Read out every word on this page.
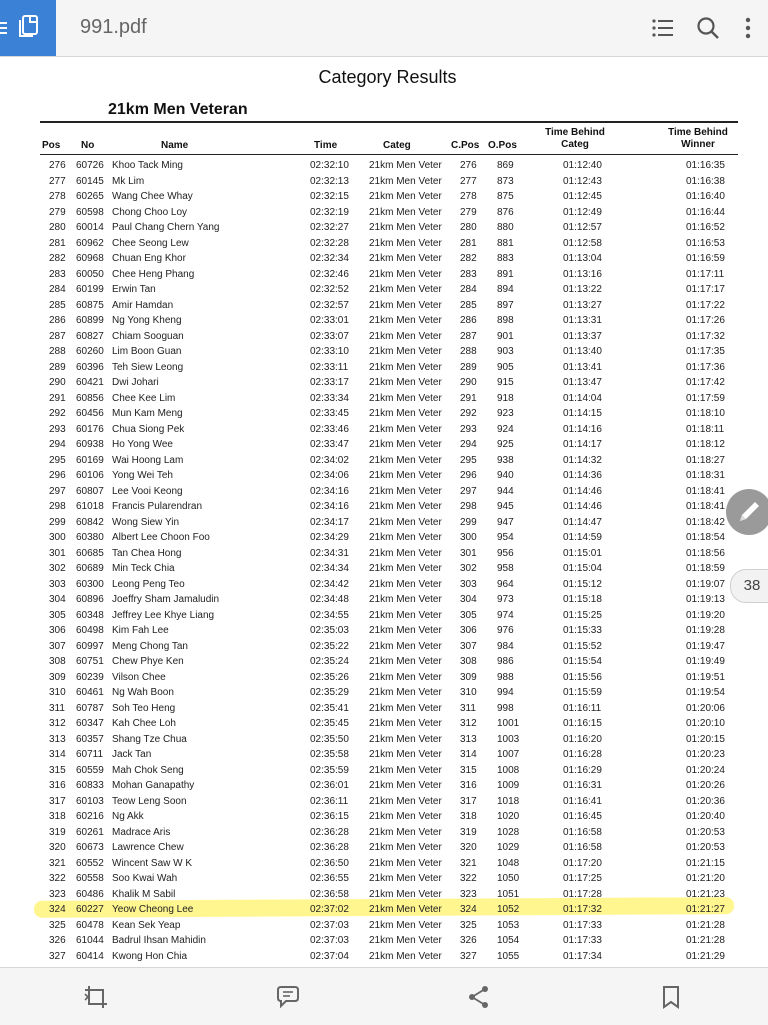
991.pdf
Category Results
21km Men Veteran
Pos No	Name	Time	Categ	C.Pos O.Pos
Time Behind
Categ
Time Behind
Winner
276	60726 Khoo Tack Ming	02:32:10 21km Men Veter 276 869	01:12:40	01:16:35
277	60145 Mk Lim	02:32:13 21km Men Veter 277 873	01:12:43	01:16:38
278	60265 Wang Chee Whay	02:32:15 21km Men Veter 278 875	01:12:45	01:16:40
279	60598 Chong Choo Loy	02:32:19 21km Men Veter 279 876	01:12:49	01:16:44
280	60014 Paul Chang Chern Yang	02:32:27 21km Men Veter 280 880	01:12:57	01:16:52
281	60962 Chee Seong Lew	02:32:28 21km Men Veter 281 881	01:12:58	01:16:53
282	60968 Chuan Eng Khor	02:32:34 21km Men Veter 282 883	01:13:04	01:16:59
283	60050 Chee Heng Phang	02:32:46 21km Men Veter 283 891	01:13:16	01:17:11
284	60199 Erwin Tan	02:32:52 21km Men Veter 284 894	01:13:22	01:17:17
285	60875 Amir Hamdan	02:32:57 21km Men Veter 285 897	01:13:27	01:17:22
286	60899 Ng Yong Kheng	02:33:01 21km Men Veter 286 898	01:13:31	01:17:26
287	60827 Chiam Sooguan	02:33:07 21km Men Veter 287 901	01:13:37	01:17:32
288	60260 Lim Boon Guan	02:33:10 21km Men Veter 288 903	01:13:40	01:17:35
289	60396 Teh Siew Leong	02:33:11 21km Men Veter 289 905	01:13:41	01:17:36
290	60421 Dwi Johari	02:33:17 21km Men Veter 290 915	01:13:47	01:17:42
291	60856 Chee Kee Lim	02:33:34 21km Men Veter 291 918	01:14:04	01:17:59
292	60456 Mun Kam Meng	02:33:45 21km Men Veter 292 923	01:14:15	01:18:10
293	60176 Chua Siong Pek	02:33:46 21km Men Veter 293 924	01:14:16	01:18:11
294	60938 Ho Yong Wee	02:33:47 21km Men Veter 294 925	01:14:17	01:18:12
295	60169 Wai Hoong Lam	02:34:02 21km Men Veter 295 938	01:14:32	01:18:27
296	60106 Yong Wei Teh	02:34:06 21km Men Veter 296 940	01:14:36	01:18:31
297	60807 Lee Vooi Keong	02:34:16 21km Men Veter 297 944	01:14:46	01:18:41
298	61018 Francis Pularendran	02:34:16 21km Men Veter 298 945	01:14:46	01:18:41
299	60842 Wong Siew Yin	02:34:17 21km Men Veter 299 947	01:14:47	01:18:42
300	60380 Albert Lee Choon Foo	02:34:29 21km Men Veter 300 954	01:14:59	01:18:54
301	60685 Tan Chea Hong	02:34:31 21km Men Veter 301 956	01:15:01	01:18:56
302	60689 Min Teck Chia	02:34:34 21km Men Veter 302 958	01:15:04	01:18:59
303	60300 Leong Peng Teo	02:34:42 21km Men Veter 303 964	01:15:12	01:19:07
304	60896 Joeffry Sham Jamaludin	02:34:48 21km Men Veter 304 973	01:15:18	01:19:13
305	60348 Jeffrey Lee Khye Liang	02:34:55 21km Men Veter 305 974	01:15:25	01:19:20
306	60498 Kim Fah Lee	02:35:03 21km Men Veter 306 976	01:15:33	01:19:28
307	60997 Meng Chong Tan	02:35:22 21km Men Veter 307 984	01:15:52	01:19:47
308	60751 Chew Phye Ken	02:35:24 21km Men Veter 308 986	01:15:54	01:19:49
309	60239 Vilson Chee	02:35:26 21km Men Veter 309 988	01:15:56	01:19:51
310	60461 Ng Wah Boon	02:35:29 21km Men Veter 310 994	01:15:59	01:19:54
311	60787 Soh Teo Heng	02:35:41 21km Men Veter 311 998	01:16:11	01:20:06
312	60347 Kah Chee Loh	02:35:45 21km Men Veter 312 1001	01:16:15	01:20:10
313	60357 Shang Tze Chua	02:35:50 21km Men Veter 313 1003	01:16:20	01:20:15
314	60711 Jack Tan	02:35:58 21km Men Veter 314 1007	01:16:28	01:20:23
315	60559 Mah Chok Seng	02:35:59 21km Men Veter 315 1008	01:16:29	01:20:24
316	60833 Mohan Ganapathy	02:36:01 21km Men Veter 316 1009	01:16:31	01:20:26
317	60103 Teow Leng Soon	02:36:11 21km Men Veter 317 1018	01:16:41	01:20:36
318	60216 Ng Akk	02:36:15 21km Men Veter 318 1020	01:16:45	01:20:40
319	60261 Madrace Aris	02:36:28 21km Men Veter 319 1028	01:16:58	01:20:53
320	60673 Lawrence Chew	02:36:28 21km Men Veter 320 1029	01:16:58	01:20:53
321	60552 Wincent Saw W K	02:36:50 21km Men Veter 321 1048	01:17:20	01:21:15
322	60558 Soo Kwai Wah	02:36:55 21km Men Veter 322 1050	01:17:25	01:21:20
323	60486 Khalik M Sabil	02:36:58 21km Men Veter 323 1051	01:17:28	01:21:23
324	60227 Yeow Cheong Lee	02:37:02 21km Men Veter 324 1052	01:17:32	01:21:27
325	60478 Kean Sek Yeap	02:37:03 21km Men Veter 325 1053	01:17:33	01:21:28
326	61044 Badrul Ihsan Mahidin	02:37:03 21km Men Veter 326 1054	01:17:33	01:21:28
327	60414 Kwong Hon Chia	02:37:04 21km Men Veter 327 1055	01:17:34	01:21:29
38
